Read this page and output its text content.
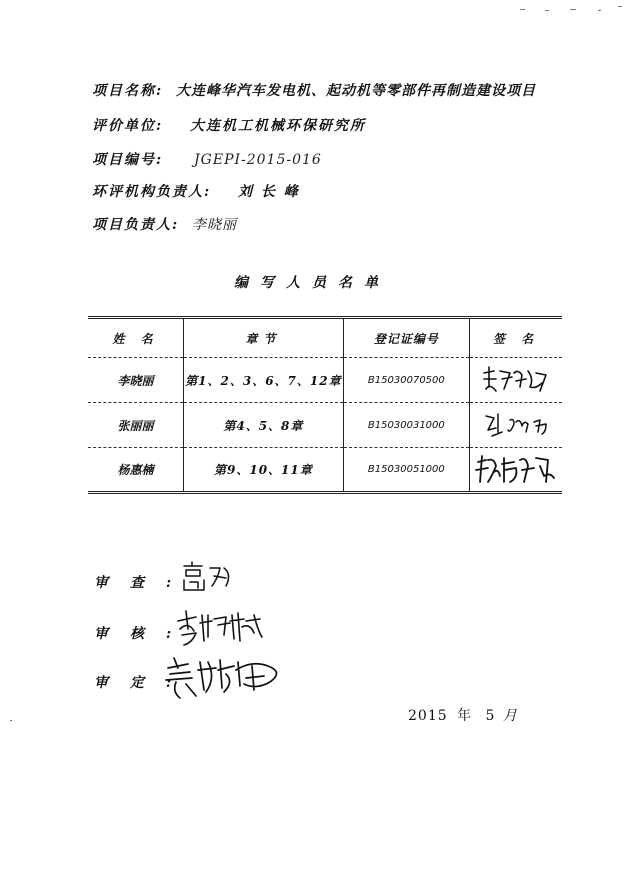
项目名称: 大连峰华汽车发电机、起动机等零部件再制造建设项目
评价单位: 大连机工机械环保研究所
项目编号: JGEPI-2015-016
环评机构负责人: 刘 长 峰
项目负责人: 李晓丽
编写人员名单
姓 名	章节	登记证编号	签 名
李晓丽	第1、2、3、6、7、12章	B15030070500	

张丽丽	第4、5、8章	B15030031000	

杨惠楠	第9、10、11章	B15030051000	
审查:
审核:
审定:
2015 年 5 月
